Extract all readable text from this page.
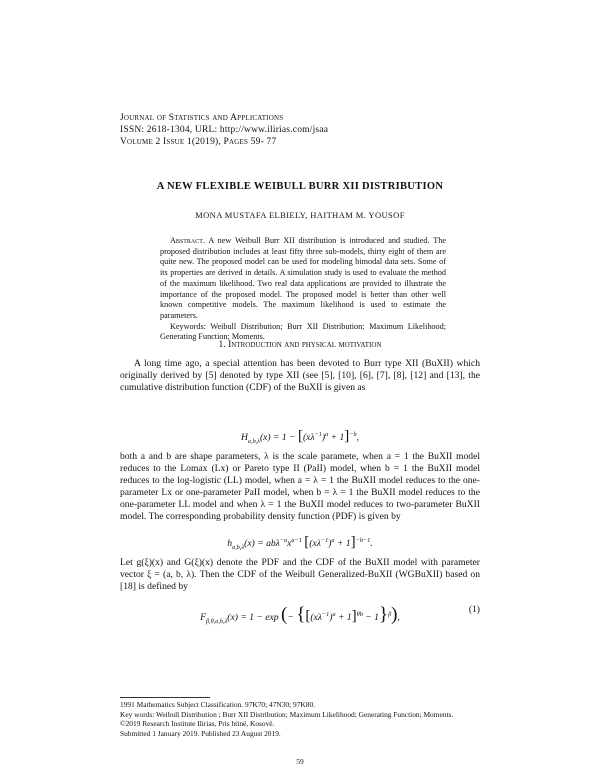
Journal of Statistics and Applications
ISSN: 2618-1304, URL: http://www.ilirias.com/jsaa
Volume 2 Issue 1(2019), Pages 59- 77
A NEW FLEXIBLE WEIBULL BURR XII DISTRIBUTION
MONA MUSTAFA ELBIELY, HAITHAM M. YOUSOF

Abstract. A new Weibull Burr XII distribution is introduced and studied. The proposed distribution includes at least fifty three sub-models, thirty eight of them are quite new. The proposed model can be used for modeling bimodal data sets. Some of its properties are derived in details. A simulation study is used to evaluate the method of the maximum likelihood. Two real data applications are provided to illustrate the importance of the proposed model. The proposed model is better than other well known competitive models. The maximum likelihood is used to estimate the parameters.

Keywords: Weibull Distribution; Burr XII Distribution; Maximum Likelihood; Generating Function; Moments.

1. Introduction and physical motivation

A long time ago, a special attention has been devoted to Burr type XII (BuXII) which originally derived by [5] denoted by type XII (see [5], [10], [6], [7], [8], [12] and [13], the cumulative distribution function (CDF) of the BuXII is given as

$H_{a,b,\lambda}(x) = 1 - [(x\lambda^{-1})^a + 1]^{-b}$,

both a and b are shape parameters, λ is the scale paramete, when a = 1 the BuXII model reduces to the Lomax (Lx) or Pareto type II (PaII) model, when b = 1 the BuXII model reduces to the log-logistic (LL) model, when a = λ = 1 the BuXII model reduces to the one-parameter Lx or one-parameter PaII model, when b = λ = 1 the BuXII model reduces to the one-parameter LL model and when λ = 1 the BuXII model reduces to two-parameter BuXII model. The corresponding probability density function (PDF) is given by

$h_{a,b,\lambda}(x) = ab\lambda^{-a}x^{a-1}$ $[(x\lambda^{-1})^a + 1]^{-b-1}$.

Let g(ξ)(x) and G(ξ)(x) denote the PDF and the CDF of the BuXII model with parameter vector ξ = (a, b, λ). Then the CDF of the Weibull Generalized-BuXII (WGBuXII) based on [18] is defined by

$F_{\beta,\theta,a,b,\lambda}(x) = 1 - \exp$ (− $\{[(x\lambda^{-1})^a + 1]^{\theta b} - 1\}^\beta$),
(1)

1991 Mathematics Subject Classification. 97K70; 47N30; 97K80.

Key words: Weibull Distribution ; Burr XII Distribution; Maximum Likelihood; Generating Function; Moments.

©2019 Research Institute Ilirias, Pris htinë, Kosovë.

Submitted 1 January 2019. Published 23 August 2019.

59
